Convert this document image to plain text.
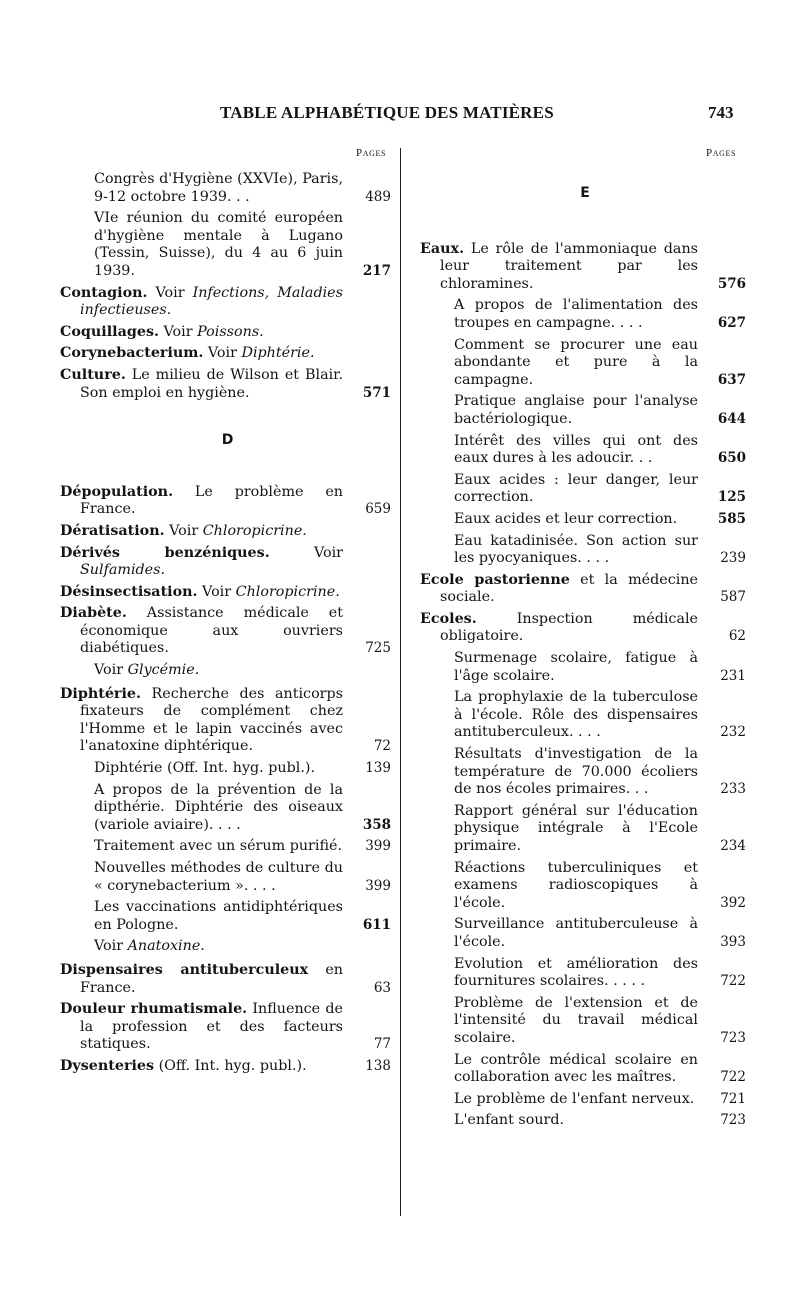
TABLE ALPHABÉTIQUE DES MATIÈRES	743
Pages	Pages
Congrès d'Hygiène (XXVIe), Paris, 9-12 octobre 1939. . .	489
VIe réunion du comité européen d'hygiène mentale à Lugano (Tessin, Suisse), du 4 au 6 juin 1939.	217
Contagion. Voir Infections, Maladies infectieuses.
Coquillages. Voir Poissons.
Corynebacterium. Voir Diphtérie.
Culture. Le milieu de Wilson et Blair. Son emploi en hygiène.	571
D
Dépopulation. Le problème en France.	659
Dératisation. Voir Chloropicrine.
Dérivés benzéniques. Voir Sulfamides.
Désinsectisation. Voir Chloropicrine.
Diabète. Assistance médicale et économique aux ouvriers diabétiques.	725
Voir Glycémie.
Diphtérie. Recherche des anticorps fixateurs de complément chez l'Homme et le lapin vaccinés avec l'anatoxine diphtérique.	72
Diphtérie (Off. Int. hyg. publ.).	139
A propos de la prévention de la dipthérie. Diphtérie des oiseaux (variole aviaire). . . .	358
Traitement avec un sérum purifié. 399
Nouvelles méthodes de culture du « corynebacterium ». . . .	399
Les vaccinations antidiphtériques en Pologne.	611
Voir Anatoxine.
Dispensaires antituberculeux en France.	63
Douleur rhumatismale. Influence de la profession et des facteurs statiques.	77
Dysenteries (Off. Int. hyg. publ.).	138
E
Eaux. Le rôle de l'ammoniaque dans leur traitement par les chloramines.	576
A propos de l'alimentation des troupes en campagne. . . .	627
Comment se procurer une eau abondante et pure à la campagne.	637
Pratique anglaise pour l'analyse bactériologique.	644
Intérêt des villes qui ont des eaux dures à les adoucir. . .	650
Eaux acides : leur danger, leur correction.	125
Eaux acides et leur correction.	585
Eau katadinisée. Son action sur les pyocyaniques. . . .	239
Ecole pastorienne et la médecine sociale.	587
Ecoles. Inspection médicale obligatoire.	62
Surmenage scolaire, fatigue à l'âge scolaire.	231
La prophylaxie de la tuberculose à l'école. Rôle des dispensaires antituberculeux. . . .	232
Résultats d'investigation de la température de 70.000 écoliers de nos écoles primaires. . .	233
Rapport général sur l'éducation physique intégrale à l'Ecole primaire.	234
Réactions tuberculiniques et examens radioscopiques à l'école.	392
Surveillance antituberculeuse à l'école.	393
Evolution et amélioration des fournitures scolaires. . . . .	722
Problème de l'extension et de l'intensité du travail médical scolaire.	723
Le contrôle médical scolaire en collaboration avec les maîtres.	722
Le problème de l'enfant nerveux. 721
L'enfant sourd.	723
